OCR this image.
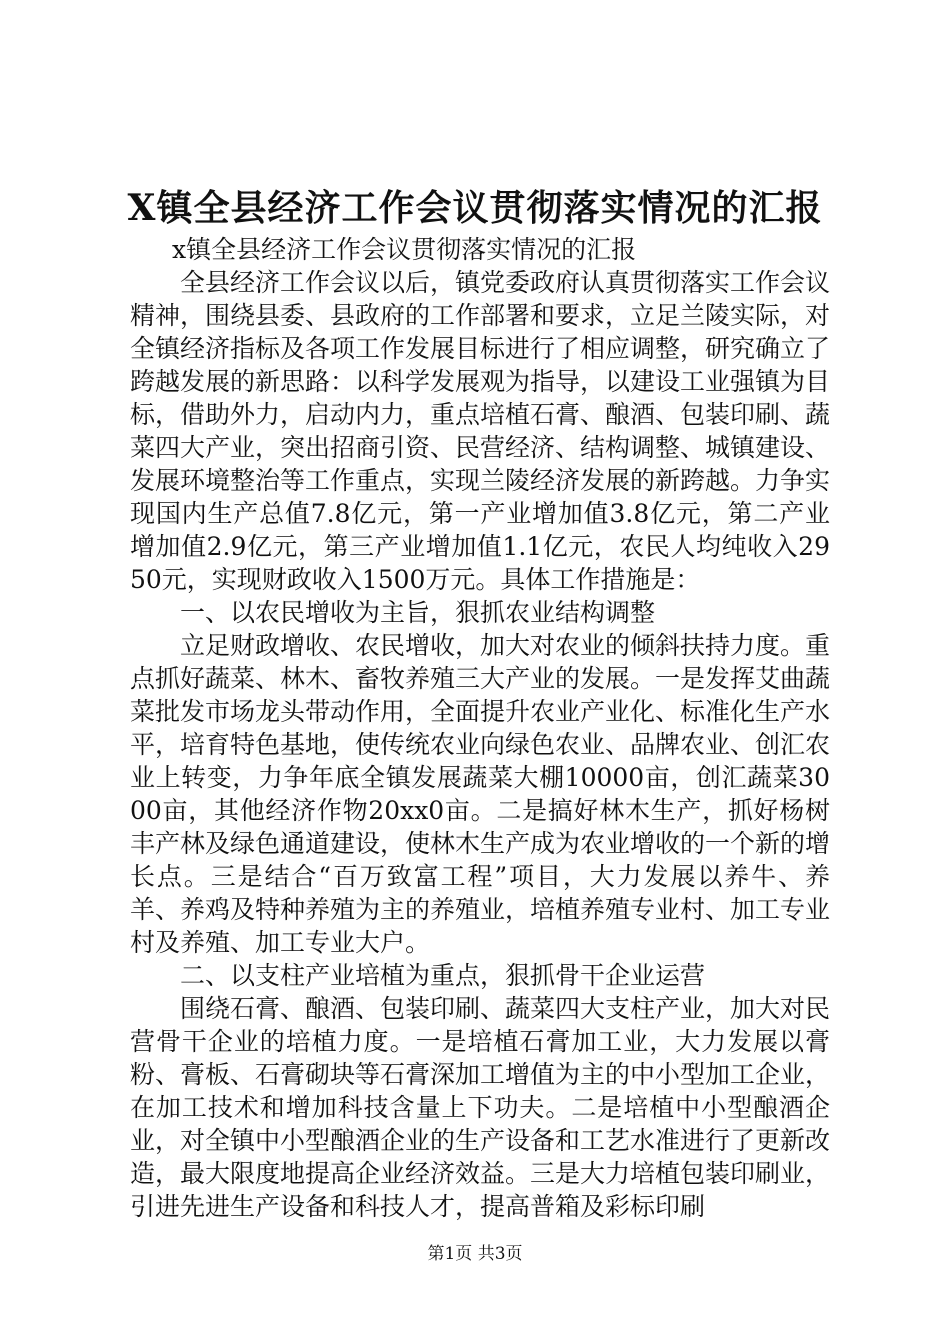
X镇全县经济工作会议贯彻落实情况的汇报

x镇全县经济工作会议贯彻落实情况的汇报

全县经济工作会议以后，镇党委政府认真贯彻落实工作会议精神，围绕县委、县政府的工作部署和要求，立足兰陵实际，对全镇经济指标及各项工作发展目标进行了相应调整，研究确立了跨越发展的新思路：以科学发展观为指导，以建设工业强镇为目标，借助外力，启动内力，重点培植石膏、酿酒、包装印刷、蔬菜四大产业，突出招商引资、民营经济、结构调整、城镇建设、发展环境整治等工作重点，实现兰陵经济发展的新跨越。力争实现国内生产总值7.8亿元，第一产业增加值3.8亿元，第二产业增加值2.9亿元，第三产业增加值1.1亿元，农民人均纯收入2950元，实现财政收入1500万元。具体工作措施是：

一、以农民增收为主旨，狠抓农业结构调整

立足财政增收、农民增收，加大对农业的倾斜扶持力度。重点抓好蔬菜、林木、畜牧养殖三大产业的发展。一是发挥艾曲蔬菜批发市场龙头带动作用，全面提升农业产业化、标准化生产水平，培育特色基地，使传统农业向绿色农业、品牌农业、创汇农业上转变，力争年底全镇发展蔬菜大棚10000亩，创汇蔬菜3000亩，其他经济作物20xx0亩。二是搞好林木生产，抓好杨树丰产林及绿色通道建设，使林木生产成为农业增收的一个新的增长点。三是结合“百万致富工程”项目，大力发展以养牛、养羊、养鸡及特种养殖为主的养殖业，培植养殖专业村、加工专业村及养殖、加工专业大户。

二、以支柱产业培植为重点，狠抓骨干企业运营

围绕石膏、酿酒、包装印刷、蔬菜四大支柱产业，加大对民营骨干企业的培植力度。一是培植石膏加工业，大力发展以膏粉、膏板、石膏砌块等石膏深加工增值为主的中小型加工企业，在加工技术和增加科技含量上下功夫。二是培植中小型酿酒企业，对全镇中小型酿酒企业的生产设备和工艺水准进行了更新改造，最大限度地提高企业经济效益。三是大力培植包装印刷业，引进先进生产设备和科技人才，提高普箱及彩标印刷

第1页 共3页
